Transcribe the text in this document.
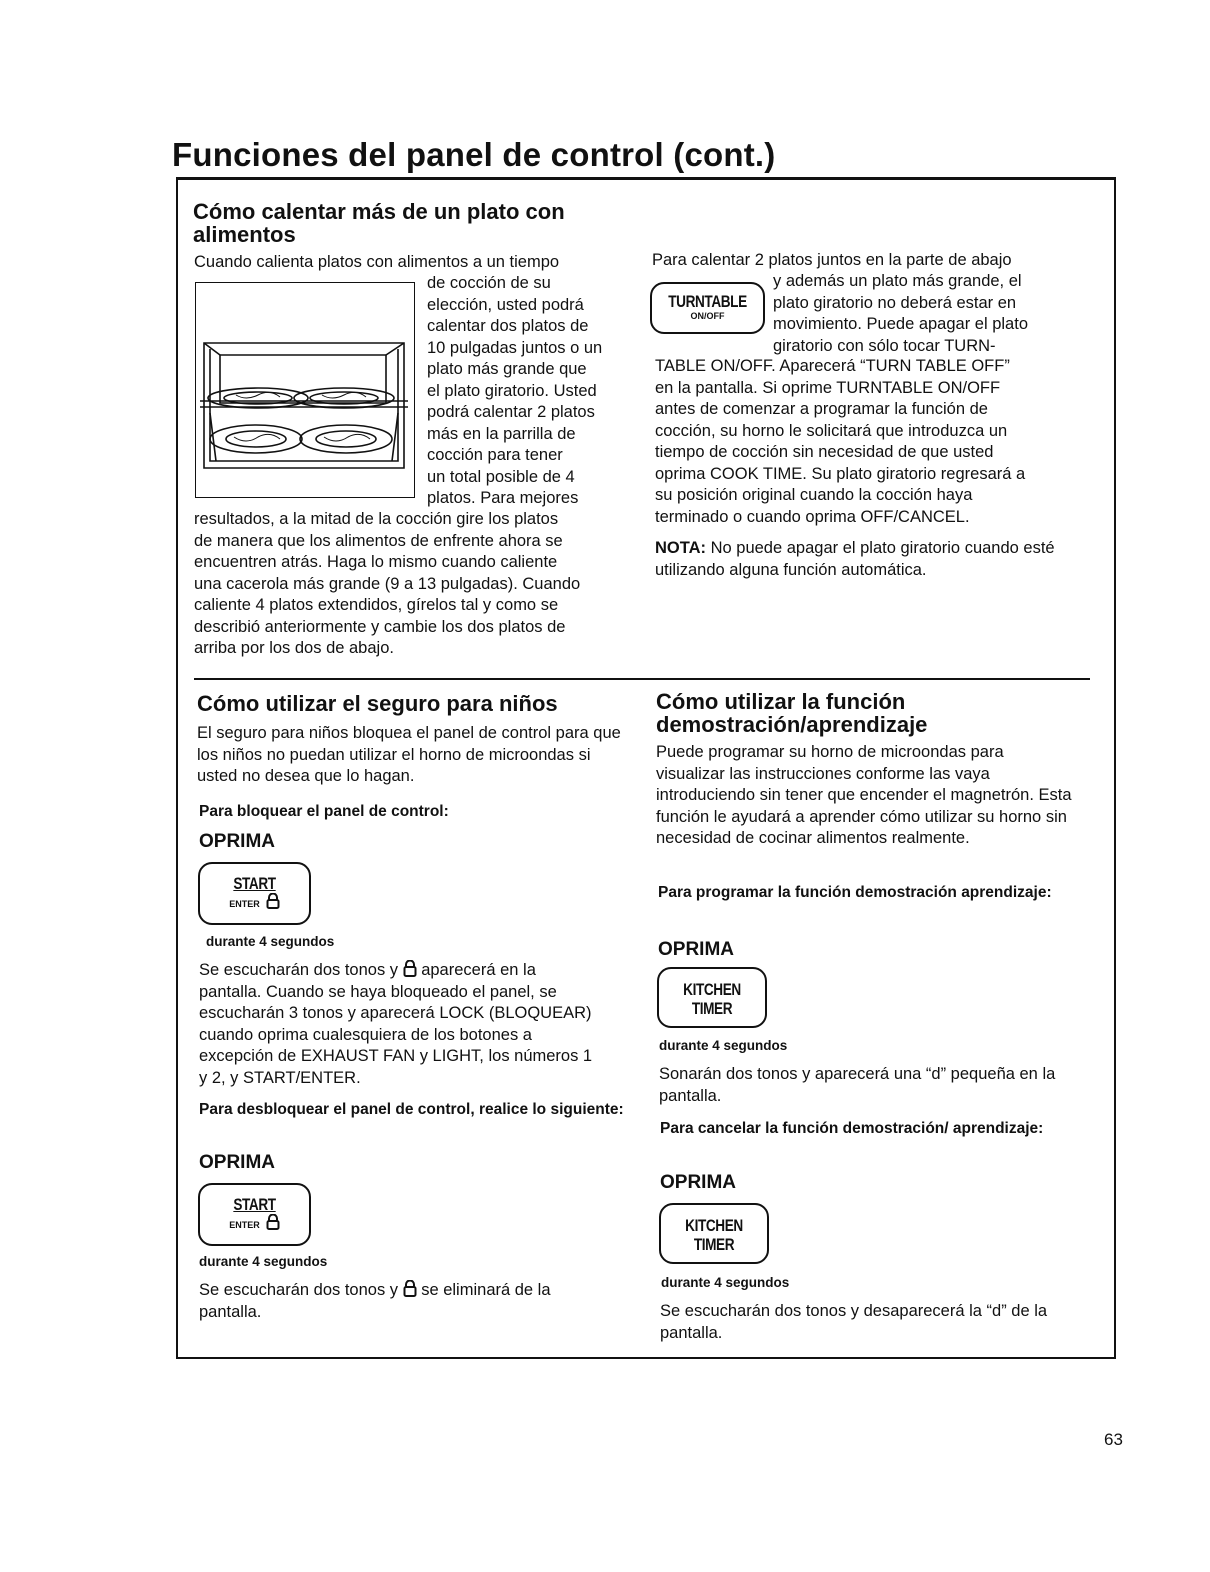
Funciones del panel de control (cont.)
Cómo calentar más de un plato con alimentos
Cuando calienta platos con alimentos a un tiempo
de cocción de su
elección, usted podrá
calentar dos platos de
10 pulgadas juntos o un
plato más grande que
el plato giratorio. Usted
podrá calentar 2 platos
más en la parrilla de
cocción para tener
un total posible de 4
platos. Para mejores
resultados, a la mitad de la cocción gire los platos
de manera que los alimentos de enfrente ahora se
encuentren atrás. Haga lo mismo cuando caliente
una cacerola más grande (9 a 13 pulgadas). Cuando
caliente 4 platos extendidos, gírelos tal y como se
describió anteriormente y cambie los dos platos de
arriba por los dos de abajo.
Para calentar 2 platos juntos en la parte de abajo
TURNTABLE
ON/OFF
y además un plato más grande, el
plato giratorio no deberá estar en
movimiento. Puede apagar el plato
giratorio con sólo tocar TURN-
TABLE ON/OFF. Aparecerá “TURN TABLE OFF”
en la pantalla. Si oprime TURNTABLE ON/OFF
antes de comenzar a programar la función de
cocción, su horno le solicitará que introduzca un
tiempo de cocción sin necesidad de que usted
oprima COOK TIME. Su plato giratorio regresará a
su posición original cuando la cocción haya
terminado o cuando oprima OFF/CANCEL.

NOTA: No puede apagar el plato giratorio cuando esté utilizando alguna función automática.

Cómo utilizar el seguro para niños

El seguro para niños bloquea el panel de control para que los niños no puedan utilizar el horno de microondas si usted no desea que lo hagan.

Para bloquear el panel de control:

OPRIMA

START
ENTER
durante 4 segundos

Se escucharán dos tonos y  aparecerá en la pantalla. Cuando se haya bloqueado el panel, se escucharán 3 tonos y aparecerá LOCK (BLOQUEAR) cuando oprima cualesquiera de los botones a excepción de EXHAUST FAN y LIGHT, los números 1 y 2, y START/ENTER.

Para desbloquear el panel de control, realice lo siguiente:

OPRIMA

START
ENTER
durante 4 segundos

Se escucharán dos tonos y  se eliminará de la pantalla.

Cómo utilizar la función demostración/aprendizaje

Puede programar su horno de microondas para visualizar las instrucciones conforme las vaya introduciendo sin tener que encender el magnetrón. Esta función le ayudará a aprender cómo utilizar su horno sin necesidad de cocinar alimentos realmente.

Para programar la función demostración aprendizaje:

OPRIMA

KITCHEN
TIMER
durante 4 segundos
Sonarán dos tonos y aparecerá una “d” pequeña en la pantalla.
Para cancelar la función demostración/ aprendizaje:

OPRIMA

KITCHEN
TIMER
durante 4 segundos
Se escucharán dos tonos y desaparecerá la “d” de la pantalla.
63
